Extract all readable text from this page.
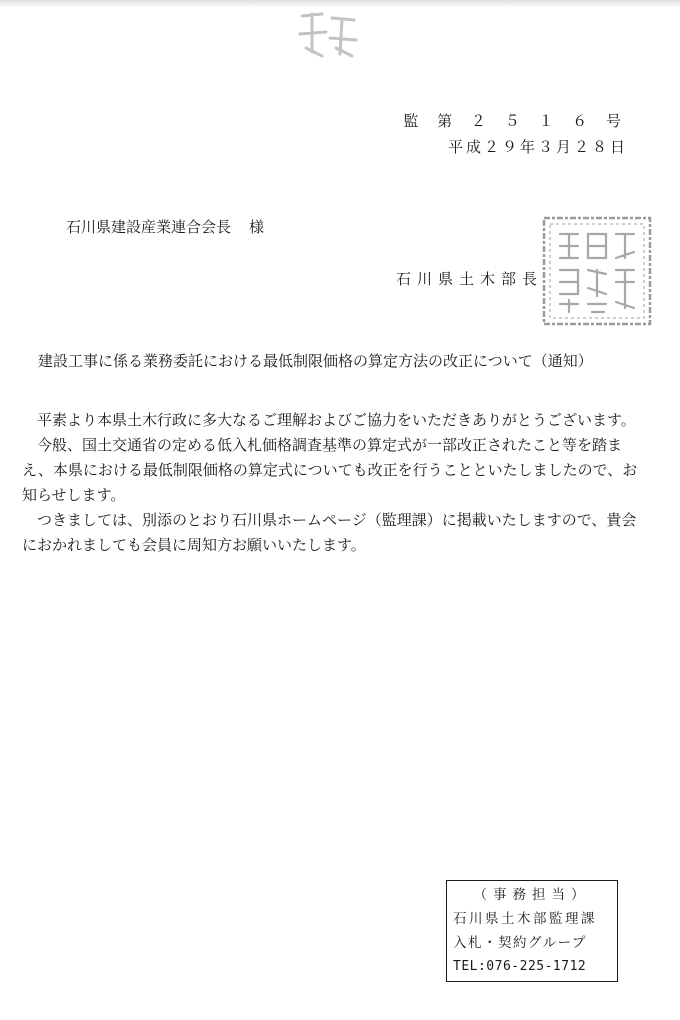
監 第 ２ ５ １ ６ 号
平成２９年３月２８日
石川県建設産業連合会長 様
石川県土木部長
建設工事に係る業務委託における最低制限価格の算定方法の改正について（通知）

平素より本県土木行政に多大なるご理解およびご協力をいただきありがとうございます。

今般、国土交通省の定める低入札価格調査基準の算定式が一部改正されたこと等を踏まえ、本県における最低制限価格の算定式についても改正を行うことといたしましたので、お知らせします。

つきましては、別添のとおり石川県ホームページ（監理課）に掲載いたしますので、貴会におかれましても会員に周知方お願いいたします。

（事務担当）
石川県土木部監理課
入札・契約グループ
TEL:076-225-1712
